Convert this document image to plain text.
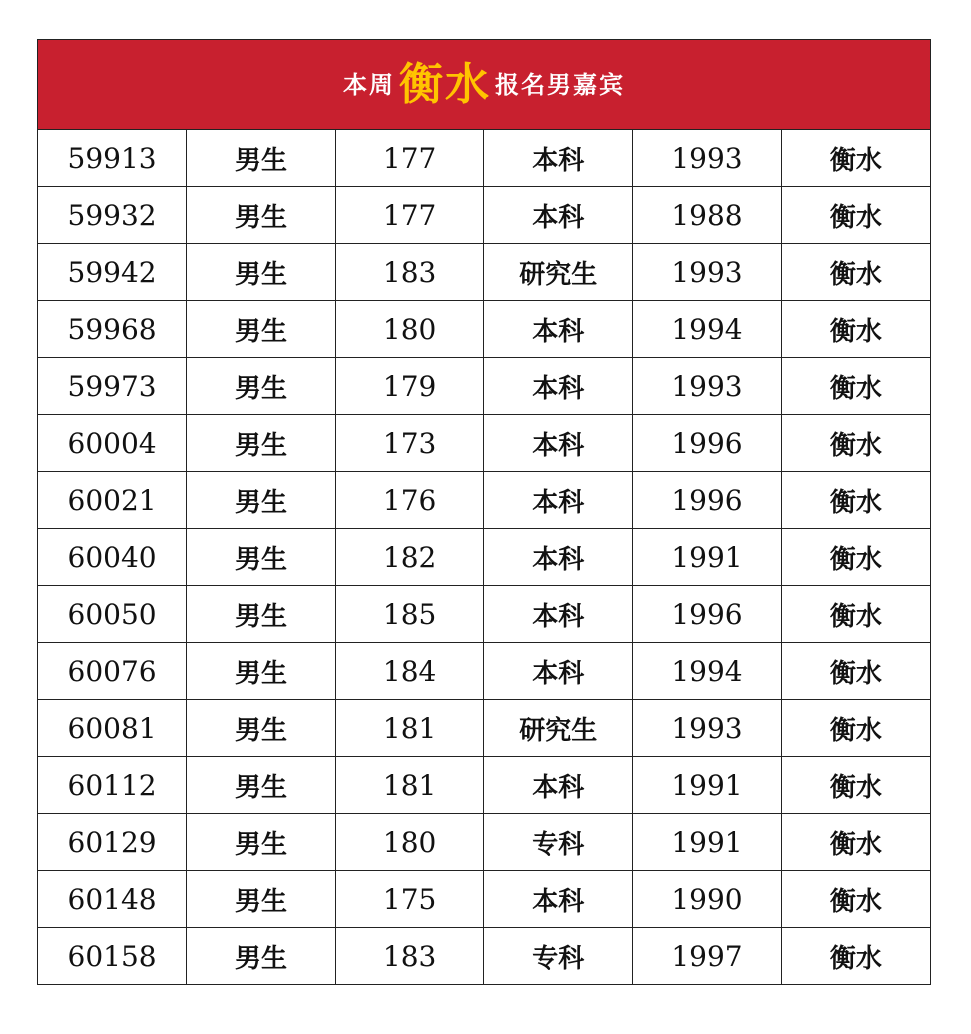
本周 衡水 报名男嘉宾
59913	男生	177	本科	1993	衡水
59932	男生	177	本科	1988	衡水
59942	男生	183	研究生	1993	衡水
59968	男生	180	本科	1994	衡水
59973	男生	179	本科	1993	衡水
60004	男生	173	本科	1996	衡水
60021	男生	176	本科	1996	衡水
60040	男生	182	本科	1991	衡水
60050	男生	185	本科	1996	衡水
60076	男生	184	本科	1994	衡水
60081	男生	181	研究生	1993	衡水
60112	男生	181	本科	1991	衡水
60129	男生	180	专科	1991	衡水
60148	男生	175	本科	1990	衡水
60158	男生	183	专科	1997	衡水
